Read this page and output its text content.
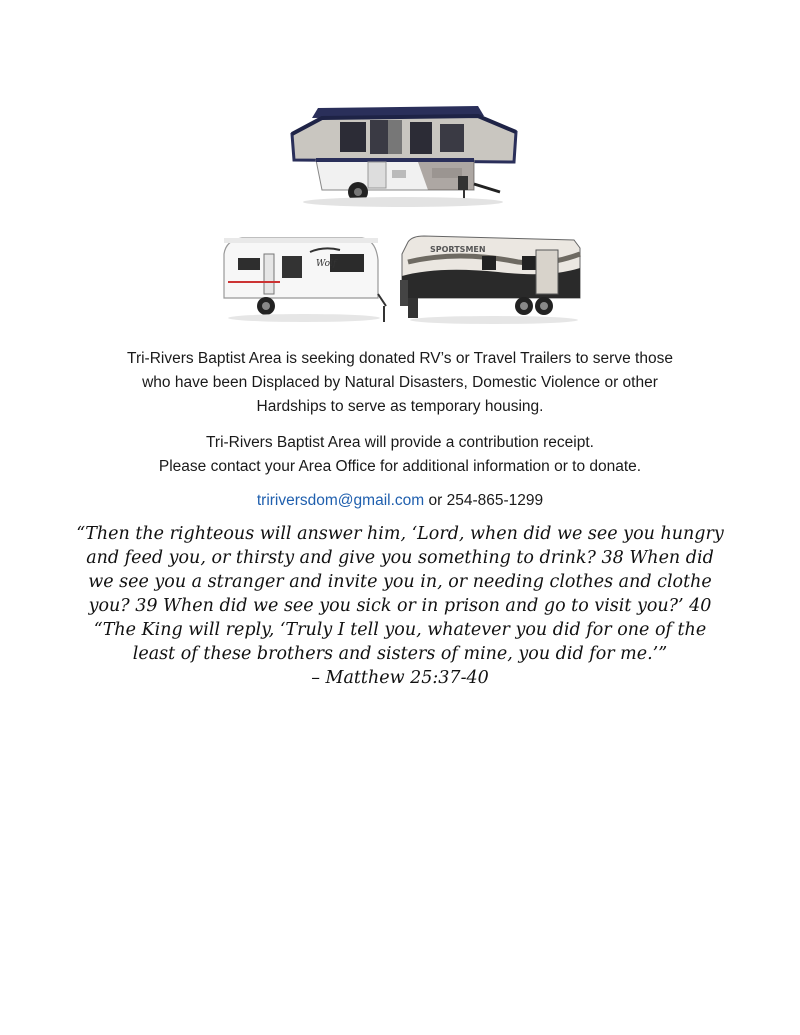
Wolf
SPORTSMEN
Tri-Rivers Baptist Area is seeking donated RV’s or Travel Trailers to serve those
who have been Displaced by Natural Disasters, Domestic Violence or other
Hardships to serve as temporary housing.
Tri-Rivers Baptist Area will provide a contribution receipt.
Please contact your Area Office for additional information or to donate.
tririversdom@gmail.com or 254-865-1299
“Then the righteous will answer him, ‘Lord, when did we see you hungry
and feed you, or thirsty and give you something to drink? 38 When did
we see you a stranger and invite you in, or needing clothes and clothe
you? 39 When did we see you sick or in prison and go to visit you?’ 40
“The King will reply, ‘Truly I tell you, whatever you did for one of the
least of these brothers and sisters of mine, you did for me.’”
– Matthew 25:37-40
